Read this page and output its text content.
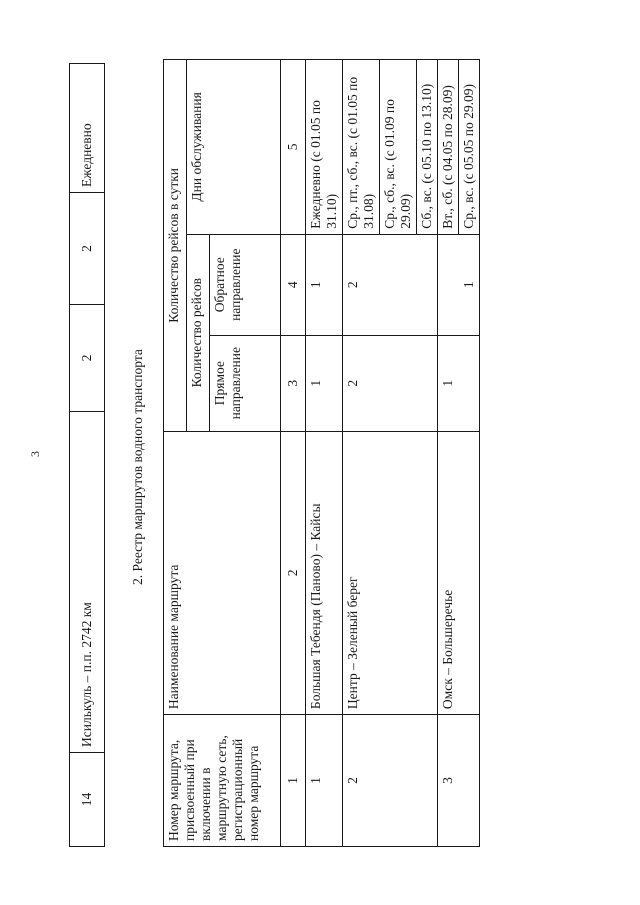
3
14	Исилькуль – п.п. 2742 км	2	2	Ежедневно
2. Реестр маршрутов водного транспорта
Номер маршрута, присвоенный при включении в маршрутную сеть, регистрационный номер маршрута	Наименование маршрута	Количество рейсов в сутки		
		Количество рейсов		Дни обслуживания
		Прямое направление	Обратное направление	
1	2	3	4	5
1	Большая Тебендя (Паново) – Кайсы	1	1	Ежедневно (с 01.05 по 31.10)
2	Центр – Зеленый берег	2	2	Ср., пт., сб., вс. (с 01.05 по 31.08)
				Ср., сб., вс. (с 01.09 по 29.09)
				Сб., вс. (с 05.10 по 13.10)
3	Омск – Большеречье	1		Вт., сб. (с 04.05 по 28.09)
			1	Ср., вс. (с 05.05 по 29.09)
